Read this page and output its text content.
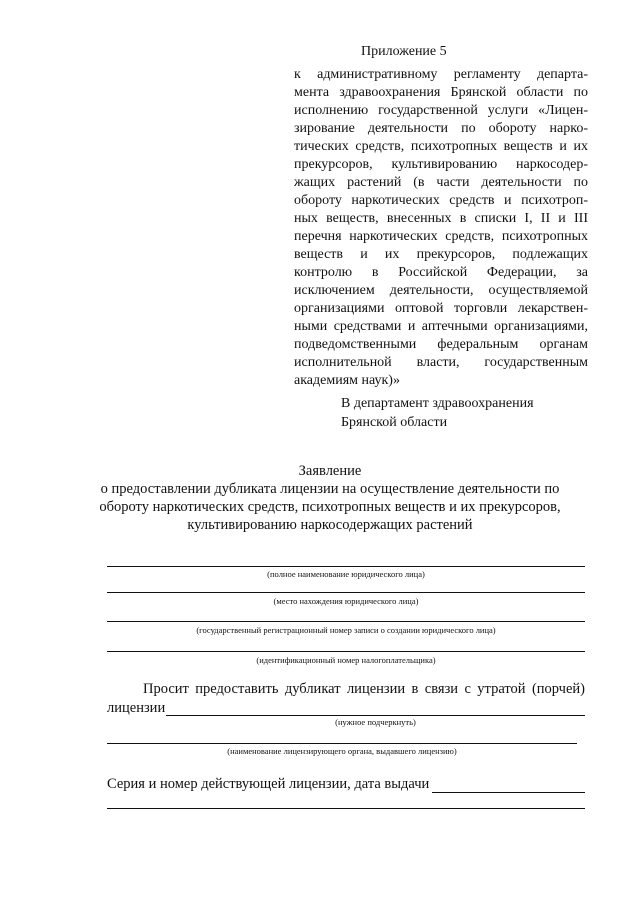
Приложение 5
к административному регламенту департа-
мента здравоохранения Брянской области по
исполнению государственной услуги «Лицен-
зирование деятельности по обороту нарко-
тических средств, психотропных веществ и их
прекурсоров, культивированию наркосодер-
жащих растений (в части деятельности по
обороту наркотических средств и психотроп-
ных веществ, внесенных в списки I, II и III
перечня наркотических средств, психотропных
веществ и их прекурсоров, подлежащих
контролю в Российской Федерации, за
исключением деятельности, осуществляемой
организациями оптовой торговли лекарствен-
ными средствами и аптечными организациями,
подведомственными федеральным органам
исполнительной власти, государственным
академиям наук)»
В департамент здравоохранения
Брянской области
Заявление
о предоставлении дубликата лицензии на осуществление деятельности по
обороту наркотических средств, психотропных веществ и их прекурсоров,
культивированию наркосодержащих растений
(полное наименование юридического лица)
(место нахождения юридического лица)
(государственный регистрационный номер записи о создании юридического лица)
(идентификационный номер налогоплательщика)
Просит предоставить дубликат лицензии в связи с утратой (порчей)
лицензии
(нужное подчеркнуть)
(наименование лицензирующего органа, выдавшего лицензию)
Серия и номер действующей лицензии, дата выдачи
